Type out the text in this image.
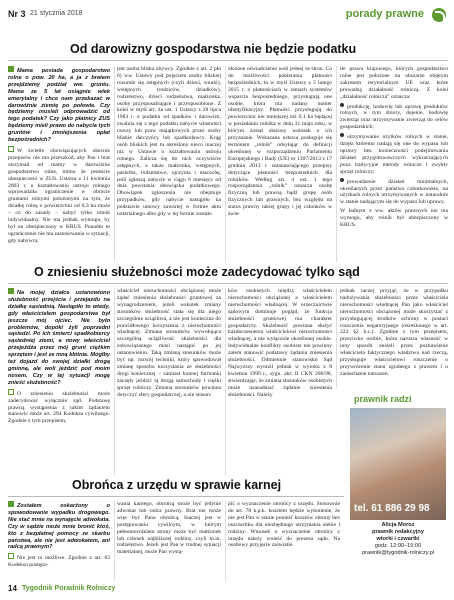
Nr 3 21 stycznia 2018	porady prawne
Od darowizny gospodarstwa nie będzie podatku

Mama posiada gospodarstwo rolne o pow. 20 ha, a ja z bratem przejdziemy podział ww. gruntu. Mama ze 5 lat osiągnie wiek emerytalny i chce nam przekazać w darowiźnie ziemię po połowie. Czy będziemy musieli odprowadzić od tego podatek? Czy jako płatnicy ZUS będziemy mieli prawo do nabycia tych gruntów i zmniejszenia opłat bezpośrednich?

W świetle obowiązujących obecnie przepisów nie ma przeszkód, aby Pan i brat otrzymali od mamy w darowiźnie gospodarstwo rolne, mimo że jesteście ubezpieczeni w ZUS. Ustawa z 11 kwietnia 2003 r. o kształtowaniu ustroju rolnego wprowadziła ograniczenie w obrocie gruntami rolnymi położonymi na tym, że działkę rolną o powierzchni od 0,3 ha może – co do zasady – nabyć tylko rolnik indywidualny. Nie ma jednak wymogu, by był on ubezpieczony w KRUS. Ponadto to ograniczenie nie ma zastosowania w sytuacji, gdy nabywcą

jest osoba bliska zbywcy. Zgodnie z art. 2 pkt 6) ww. Ustawy pod pojęciem osoby bliskiej rozumie się zstępnych (czyli dzieci, wnuki), wstępnych (rodziców, dziadków), rodzeństwo, dzieci rodzeństwa, małżonka, osoby przysposabiające i przysposobione. Z kolei w myśl art. 4a ust. 1 Ustawy z 28 lipca 1983 r. o podatku od spadków i darowizn, zwalnia się z tego podatku nabycie własności rzeczy lub praw majątkowych przez osoby bliskie darczyńcy lub spadkodawcy. Krąg osób bliskich jest tu określony nieco inaczej niż w Ustawie o kształtowaniu ustroju rolnego. Zalicza się do nich oczywiście zstępnych, a także małżonka, wstępnych, pasierba, rodzeństwo, ojczyma i macochę, jeśli zgłoszą nabycie w ciągu 6 miesięcy od dnia powstania obowiązku podatkowego. Obowiązek zgłoszenia nie obejmuje przypadków, gdy nabycie nastąpiło na podstawie umowy zawartej w formie aktu notarialnego albo gdy w tej formie zostało
złożone oświadczenie woli jednej ze stron. Co do możliwości pobierania płatności bezpośrednich, to w myśl Ustawy z 5 lutego 2015 r. o płatnościach w ramach systemów wsparcia bezpośredniego, przysługują one osobie, która ma nadany numer identyfikacyjny. Płatności przysługują do powierzchni nie mniejszej niż 0,1 ha będącej w posiadaniu rolnika w dniu 31 maja roku, w którym został złożony wniosek o ich przyznanie. Wskazana ustawa posługuje się terminem „rolnik” odsyłając do definicji określonej w rozporządzeniu Parlamentu Europejskiego i Rady (UE) nr 1307/2013 z 17 grudnia 2013 r. ustanawiającego przepisy dotyczące płatności bezpośrednich dla rolników. Według art. 4 ust. 1 tego rozporządzenia „rolnik” oznacza osobę fizyczną lub prawną bądź grupę osób fizycznych lub prawnych, bez względu na status prawny takiej grupy i jej członków w świe-

tle prawa krajowego, których gospodarstwo rolne jest położone na obszarze objętym zakresem terytorialnym UE oraz które prowadzą działalność rolniczą. Z kolei „działalność rolnicza” oznacza:

produkcję, hodowlę lub uprawę produktów rolnych, w tym zbiory, dojenie, hodowlę zwierząt oraz utrzymywanie zwierząt do celów gospodarskich;

utrzymywanie użytków rolnych w stanie, dzięki któremu nadają się one do wypasu lub uprawy bez konieczności podejmowania działań przygotowawczych wykraczających poza tradycyjne metody rolnicze i zwykły sprzęt rolniczy;

prowadzenie działań minimalnych, określanych przez państwa członkowskie, na użytkach rolnych utrzymywanych w naturalnie w stanie nadającym się do wypasu lub uprawy.

W ładnym z ww. aktów prawnych nie ma wymogu, aby rolnik był ubezpieczony w KRUS.

O zniesieniu służebności może zadecydować tylko sąd

Na mojej działce ustanowiono służebność przejścia i przejazdu na działkę sąsiednią. Nastąpiło to wtedy, gdy właścicielem gospodarstwa był jeszcze mój ojciec. Nie było problemów, dopóki żyli poprzedni sąsiedzi. Po ich śmierci spadkobiercy sąsiedniej ziemi, a nowy właściciel przejeżdża przez mój grunt ciężkim sprzętem i jest ze mną kłótnie. Mógłby też dojazd do swojej działki drogą gminną, ale woli jeździć pod moim nosem. Czy w tej sytuacji mogę znieść służebność?

O zniesieniu służebności może zadecydować wyłącznie sąd. Podstawę prawną wystąpienia z takim żądaniem stanowić może art. 294 Kodeksu cywilnego. Zgodnie z tym przepisem,

właściciel nieruchomości obciążonej może żądać zniesienia służebności gruntowej za wynagrodzeniem, jeżeli wskutek zmiany stosunków służebność stała się dla niego szczególnie uciążliwa, a nie jest konieczna do prawidłowego korzystania z nieruchomości władnącej. Zmiana stosunków wywołująca szczególną uciążliwość służebności dla zobowiązanego musi nastąpić po jej ustanowieniu. Taką zmianą stosunków może być np. rozwój techniki, który spowodował zmianę sposobu korzystania ze służebności drogi koniecznej – zamiast konnej furmanki zaczęły jeździć tą drogą samochody i ciężki sprzęt rolniczy. Zmiana stosunków powinna dotyczyć sfery gospodarczej, a nie stosun-
ków osobistych między właścicielem nieruchomości obciążonej a właścicielem nieruchomości władnącej. W orzecznictwie sądowym dominuje pogląd, że funkcja służebności gruntowej ma charakter gospodarczy. Służebność powinna służyć każdoczesnemu właścicielowi nieruchomości władnącej, a nie wyłącznie określonej osobie. Indywidualne konflikty osobiste nie powinny zatem stanowić podstawy żądania zniesienia służebności. Odmiennie stanowisko Sąd Najwyższy wyraził jednak w wyroku z 8 kwietnia 1999 r., sygn. akt: II CKN 286/98, stwierdzając, że zmiana stosunków osobistych może uzasadniać żądanie zniesienia służebności. Należy
jednak raczej przyjąć, że w przypadku nadużywania służebności przez właściciela nieruchomości władnącej Pan jako właściciel nieruchomości obciążonej może skorzystać z przysługującej środków ochrony w postaci roszczenia negatoryjnego (określonego w art. 222 §2 k.c.). Zgodnie z tym przepisem, przeciwko osobie, która narusza własność w inny sposób aniżeli przez pozbawienie właściciela faktycznego władztwa nad rzeczą, przysługuje właścicielowi roszczenie o przywrócenie stanu zgodnego z prawem i o zaniechanie naruszeń.
prawnik radzi
tel. 61 886 29 98
Alicja Moroz
prawnik redakcyjny
wtorki i czwartki
godz. 12:00–15:00
prawnik@tygodnik-rolniczy.pl
Obrońca z urzędu w sprawie karnej

Zostałem oskarżony o spowodowanie wypadku drogowego. Nie stać mnie na wynajęcie adwokata. Czy w sądzie może mnie bronić ktoś, kto z bezpłatnej pomocy ze skarbu państwa, ale nie jest adwokatem, ani radcą prawnym?

Nie jest to możliwe. Zgodnie z art. 82 Kodeksu postępo-

wania karnego, obrońcą może być jedynie adwokat lub radca prawny. Brat nie może więc być Pana obrońcą. Inaczej jest w postępowaniu cywilnym, w którym pełnomocnikiem strony może być małżonek lub członek najbliższej rodziny, czyli m.in. rodzeństwo. Jeżeli jest Pan w trudnej sytuacji materialnej, może Pan wystą-
pić o wyznaczenie obrońcy z urzędu. Stosownie do art. 78 k.p.k. kosztem będzie wyłonienie, że nie jest Pan w stanie ponieść kosztów obrony bez uszczerbku dla niezbędnego utrzymania siebie i rodziny. Wniosek o wyznaczenie obrońcy z urzędu należy wnieść do prezesa sądu. Na osobowy przyjęcie zaświatie.
14 Tygodnik Poradnik Rolniczy
